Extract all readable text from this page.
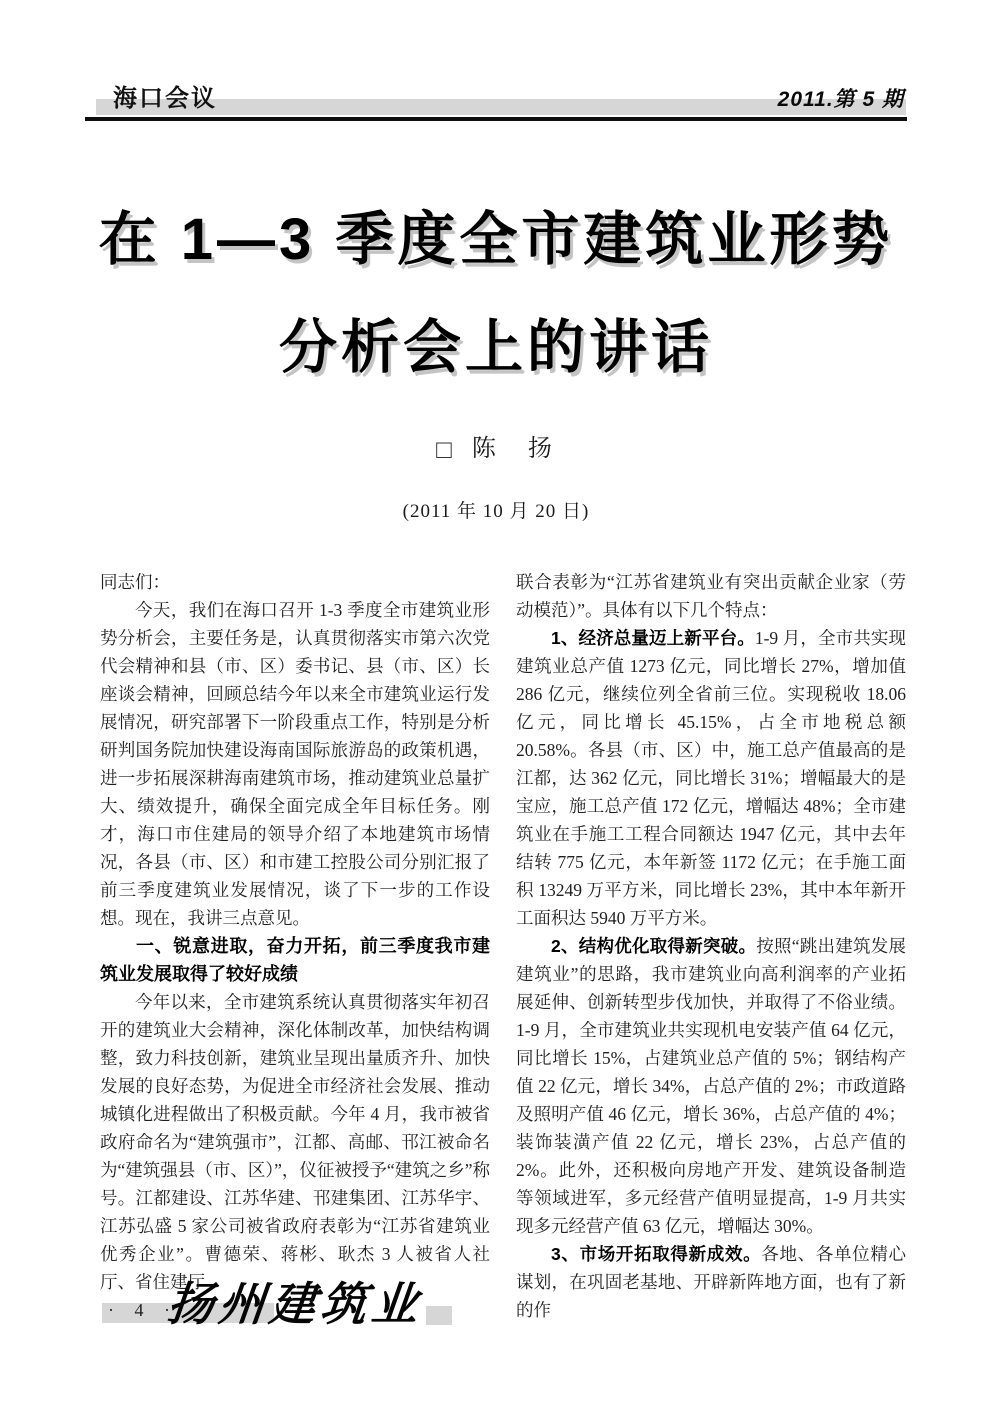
海口会议	2011.第 5 期
在 1—3 季度全市建筑业形势
分析会上的讲话
□ 陈　扬
(2011 年 10 月 20 日)

同志们：

今天，我们在海口召开 1-3 季度全市建筑业形势分析会，主要任务是，认真贯彻落实市第六次党代会精神和县（市、区）委书记、县（市、区）长座谈会精神，回顾总结今年以来全市建筑业运行发展情况，研究部署下一阶段重点工作，特别是分析研判国务院加快建设海南国际旅游岛的政策机遇，进一步拓展深耕海南建筑市场，推动建筑业总量扩大、绩效提升，确保全面完成全年目标任务。刚才，海口市住建局的领导介绍了本地建筑市场情况，各县（市、区）和市建工控股公司分别汇报了前三季度建筑业发展情况，谈了下一步的工作设想。现在，我讲三点意见。

一、锐意进取，奋力开拓，前三季度我市建筑业发展取得了较好成绩

今年以来，全市建筑系统认真贯彻落实年初召开的建筑业大会精神，深化体制改革，加快结构调整，致力科技创新，建筑业呈现出量质齐升、加快发展的良好态势，为促进全市经济社会发展、推动城镇化进程做出了积极贡献。今年 4 月，我市被省政府命名为“建筑强市”，江都、高邮、邗江被命名为“建筑强县（市、区）”，仪征被授予“建筑之乡”称号。江都建设、江苏华建、邗建集团、江苏华宇、江苏弘盛 5 家公司被省政府表彰为“江苏省建筑业优秀企业”。曹德荣、蒋彬、耿杰 3 人被省人社厅、省住建厅

联合表彰为“江苏省建筑业有突出贡献企业家（劳动模范）”。具体有以下几个特点：

1、经济总量迈上新平台。1-9 月，全市共实现建筑业总产值 1273 亿元，同比增长 27%，增加值 286 亿元，继续位列全省前三位。实现税收 18.06 亿元，同比增长 45.15%，占全市地税总额 20.58%。各县（市、区）中，施工总产值最高的是江都，达 362 亿元，同比增长 31%；增幅最大的是宝应，施工总产值 172 亿元，增幅达 48%；全市建筑业在手施工工程合同额达 1947 亿元，其中去年结转 775 亿元，本年新签 1172 亿元；在手施工面积 13249 万平方米，同比增长 23%，其中本年新开工面积达 5940 万平方米。

2、结构优化取得新突破。按照“跳出建筑发展建筑业”的思路，我市建筑业向高利润率的产业拓展延伸、创新转型步伐加快，并取得了不俗业绩。1-9 月，全市建筑业共实现机电安装产值 64 亿元，同比增长 15%，占建筑业总产值的 5%；钢结构产值 22 亿元，增长 34%，占总产值的 2%；市政道路及照明产值 46 亿元，增长 36%，占总产值的 4%；装饰装潢产值 22 亿元，增长 23%，占总产值的 2%。此外，还积极向房地产开发、建筑设备制造等领域进军，多元经营产值明显提高，1-9 月共实现多元经营产值 63 亿元，增幅达 30%。

3、市场开拓取得新成效。各地、各单位精心谋划，在巩固老基地、开辟新阵地方面，也有了新的作

· 4 ·
扬州建筑业
